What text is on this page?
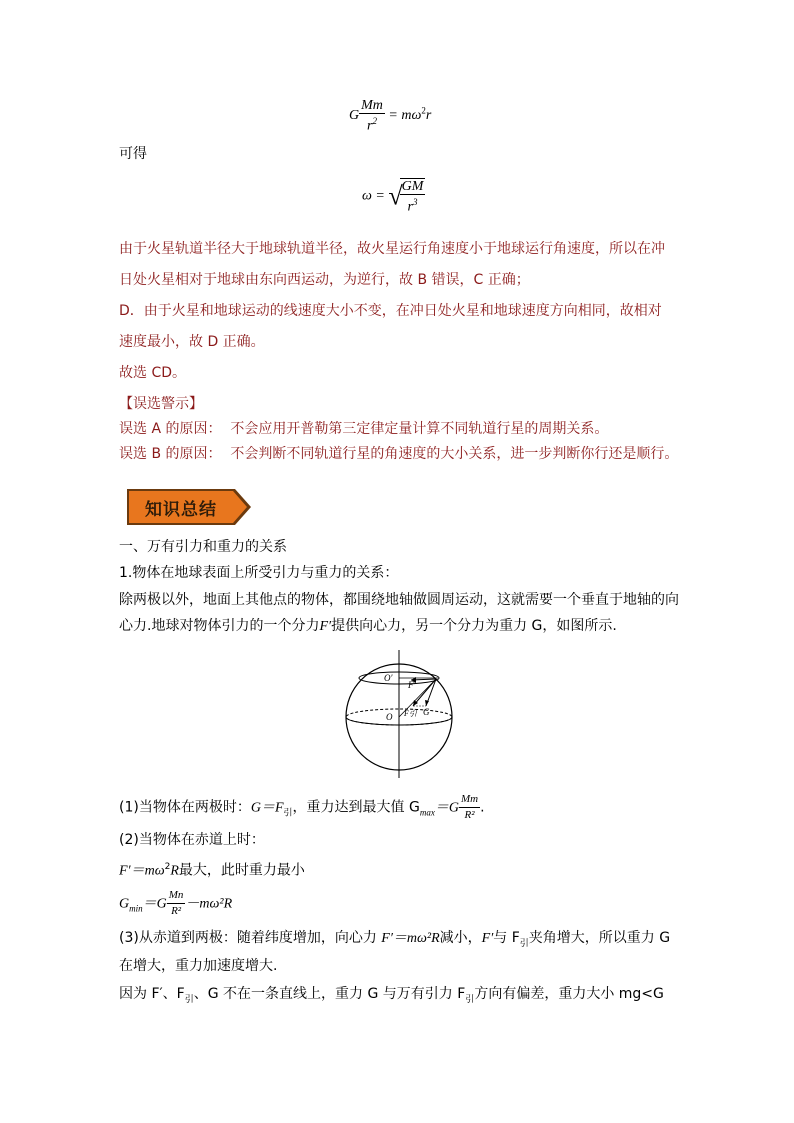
G $\frac{Mm}{r^2} = m\omega^2r$
可得
ω = √
$\frac{GM}{r^3}$
由于火星轨道半径大于地球轨道半径，故火星运行角速度小于地球运行角速度，所以在冲
日处火星相对于地球由东向西运动，为逆行，故 B 错误，C 正确；
D．由于火星和地球运动的线速度大小不变，在冲日处火星和地球速度方向相同，故相对
速度最小，故 D 正确。
故选 CD。
【误选警示】
误选 A 的原因： 不会应用开普勒第三定律定量计算不同轨道行星的周期关系。
误选 B 的原因： 不会判断不同轨道行星的角速度的大小关系，进一步判断你行还是顺行。
知识总结
一、万有引力和重力的关系
1.物体在地球表面上所受引力与重力的关系：
除两极以外，地面上其他点的物体，都围绕地轴做圆周运动，这就需要一个垂直于地轴的向
心力.地球对物体引力的一个分力F′提供向心力，另一个分力为重力 G，如图所示.
O′
O
F′
F引 G
(1)当物体在两极时：$G=F_引$，重力达到最大值 $G_{max}=G \frac{Mm}{\text{R²}}$ .
(2)当物体在赤道上时：
$F'=m\omega^2R$最大，此时重力最小
$G_{min}=G \frac{Mn}{\text{R²}} -m\omega^2R$
(3)从赤道到两极：随着纬度增加，向心力 F′＝mω²R减小，F′与 $F_引$夹角增大，所以重力 G
在增大，重力加速度增大.
因为 F′、$F_引$、G 不在一条直线上，重力 G 与万有引力 $F_引$方向有偏差，重力大小 mg<G
